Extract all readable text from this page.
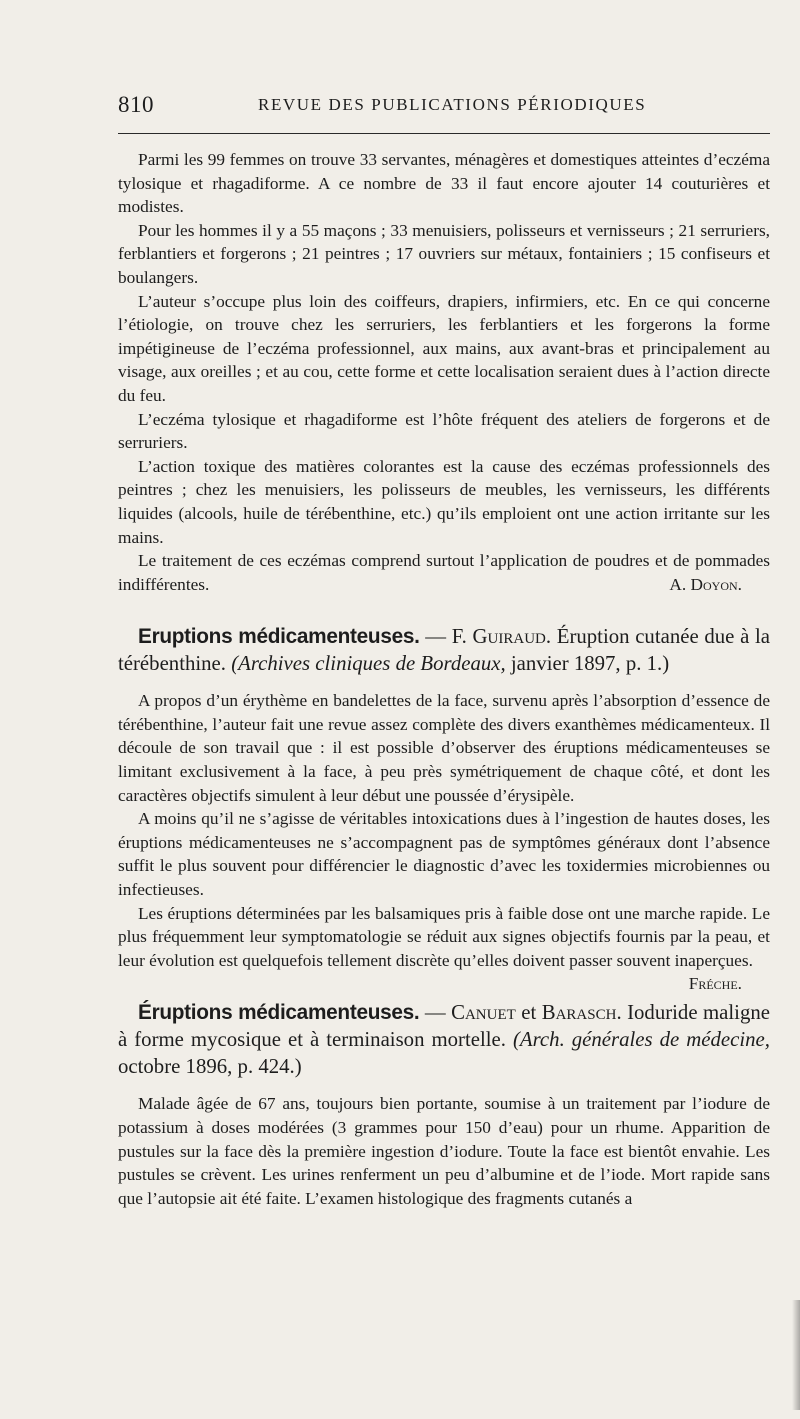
810	REVUE DES PUBLICATIONS PÉRIODIQUES

Parmi les 99 femmes on trouve 33 servantes, ménagères et domestiques atteintes d’eczéma tylosique et rhagadiforme. A ce nombre de 33 il faut encore ajouter 14 couturières et modistes.

Pour les hommes il y a 55 maçons ; 33 menuisiers, polisseurs et vernisseurs ; 21 serruriers, ferblantiers et forgerons ; 21 peintres ; 17 ouvriers sur métaux, fontainiers ; 15 confiseurs et boulangers.

L’auteur s’occupe plus loin des coiffeurs, drapiers, infirmiers, etc. En ce qui concerne l’étiologie, on trouve chez les serruriers, les ferblantiers et les forgerons la forme impétigineuse de l’eczéma professionnel, aux mains, aux avant-bras et principalement au visage, aux oreilles ; et au cou, cette forme et cette localisation seraient dues à l’action directe du feu.

L’eczéma tylosique et rhagadiforme est l’hôte fréquent des ateliers de forgerons et de serruriers.

L’action toxique des matières colorantes est la cause des eczémas professionnels des peintres ; chez les menuisiers, les polisseurs de meubles, les vernisseurs, les différents liquides (alcools, huile de térébenthine, etc.) qu’ils emploient ont une action irritante sur les mains.

Le traitement de ces eczémas comprend surtout l’application de poudres et de pommades indifférentes.	A. Doyon.

Eruptions médicamenteuses. — F. Guiraud. Éruption cutanée due à la térébenthine. (Archives cliniques de Bordeaux, janvier 1897, p. 1.)

A propos d’un érythème en bandelettes de la face, survenu après l’absorption d’essence de térébenthine, l’auteur fait une revue assez complète des divers exanthèmes médicamenteux. Il découle de son travail que : il est possible d’observer des éruptions médicamenteuses se limitant exclusivement à la face, à peu près symétriquement de chaque côté, et dont les caractères objectifs simulent à leur début une poussée d’érysipèle.

A moins qu’il ne s’agisse de véritables intoxications dues à l’ingestion de hautes doses, les éruptions médicamenteuses ne s’accompagnent pas de symptômes généraux dont l’absence suffit le plus souvent pour différencier le diagnostic d’avec les toxidermies microbiennes ou infectieuses.

Les éruptions déterminées par les balsamiques pris à faible dose ont une marche rapide. Le plus fréquemment leur symptomatologie se réduit aux signes objectifs fournis par la peau, et leur évolution est quelquefois tellement discrète qu’elles doivent passer souvent inaperçues.
Fréche.

Éruptions médicamenteuses. — Canuet et Barasch. Ioduride maligne à forme mycosique et à terminaison mortelle. (Arch. générales de médecine, octobre 1896, p. 424.)

Malade âgée de 67 ans, toujours bien portante, soumise à un traitement par l’iodure de potassium à doses modérées (3 grammes pour 150 d’eau) pour un rhume. Apparition de pustules sur la face dès la première ingestion d’iodure. Toute la face est bientôt envahie. Les pustules se crèvent. Les urines renferment un peu d’albumine et de l’iode. Mort rapide sans que l’autopsie ait été faite. L’examen histologique des fragments cutanés a
